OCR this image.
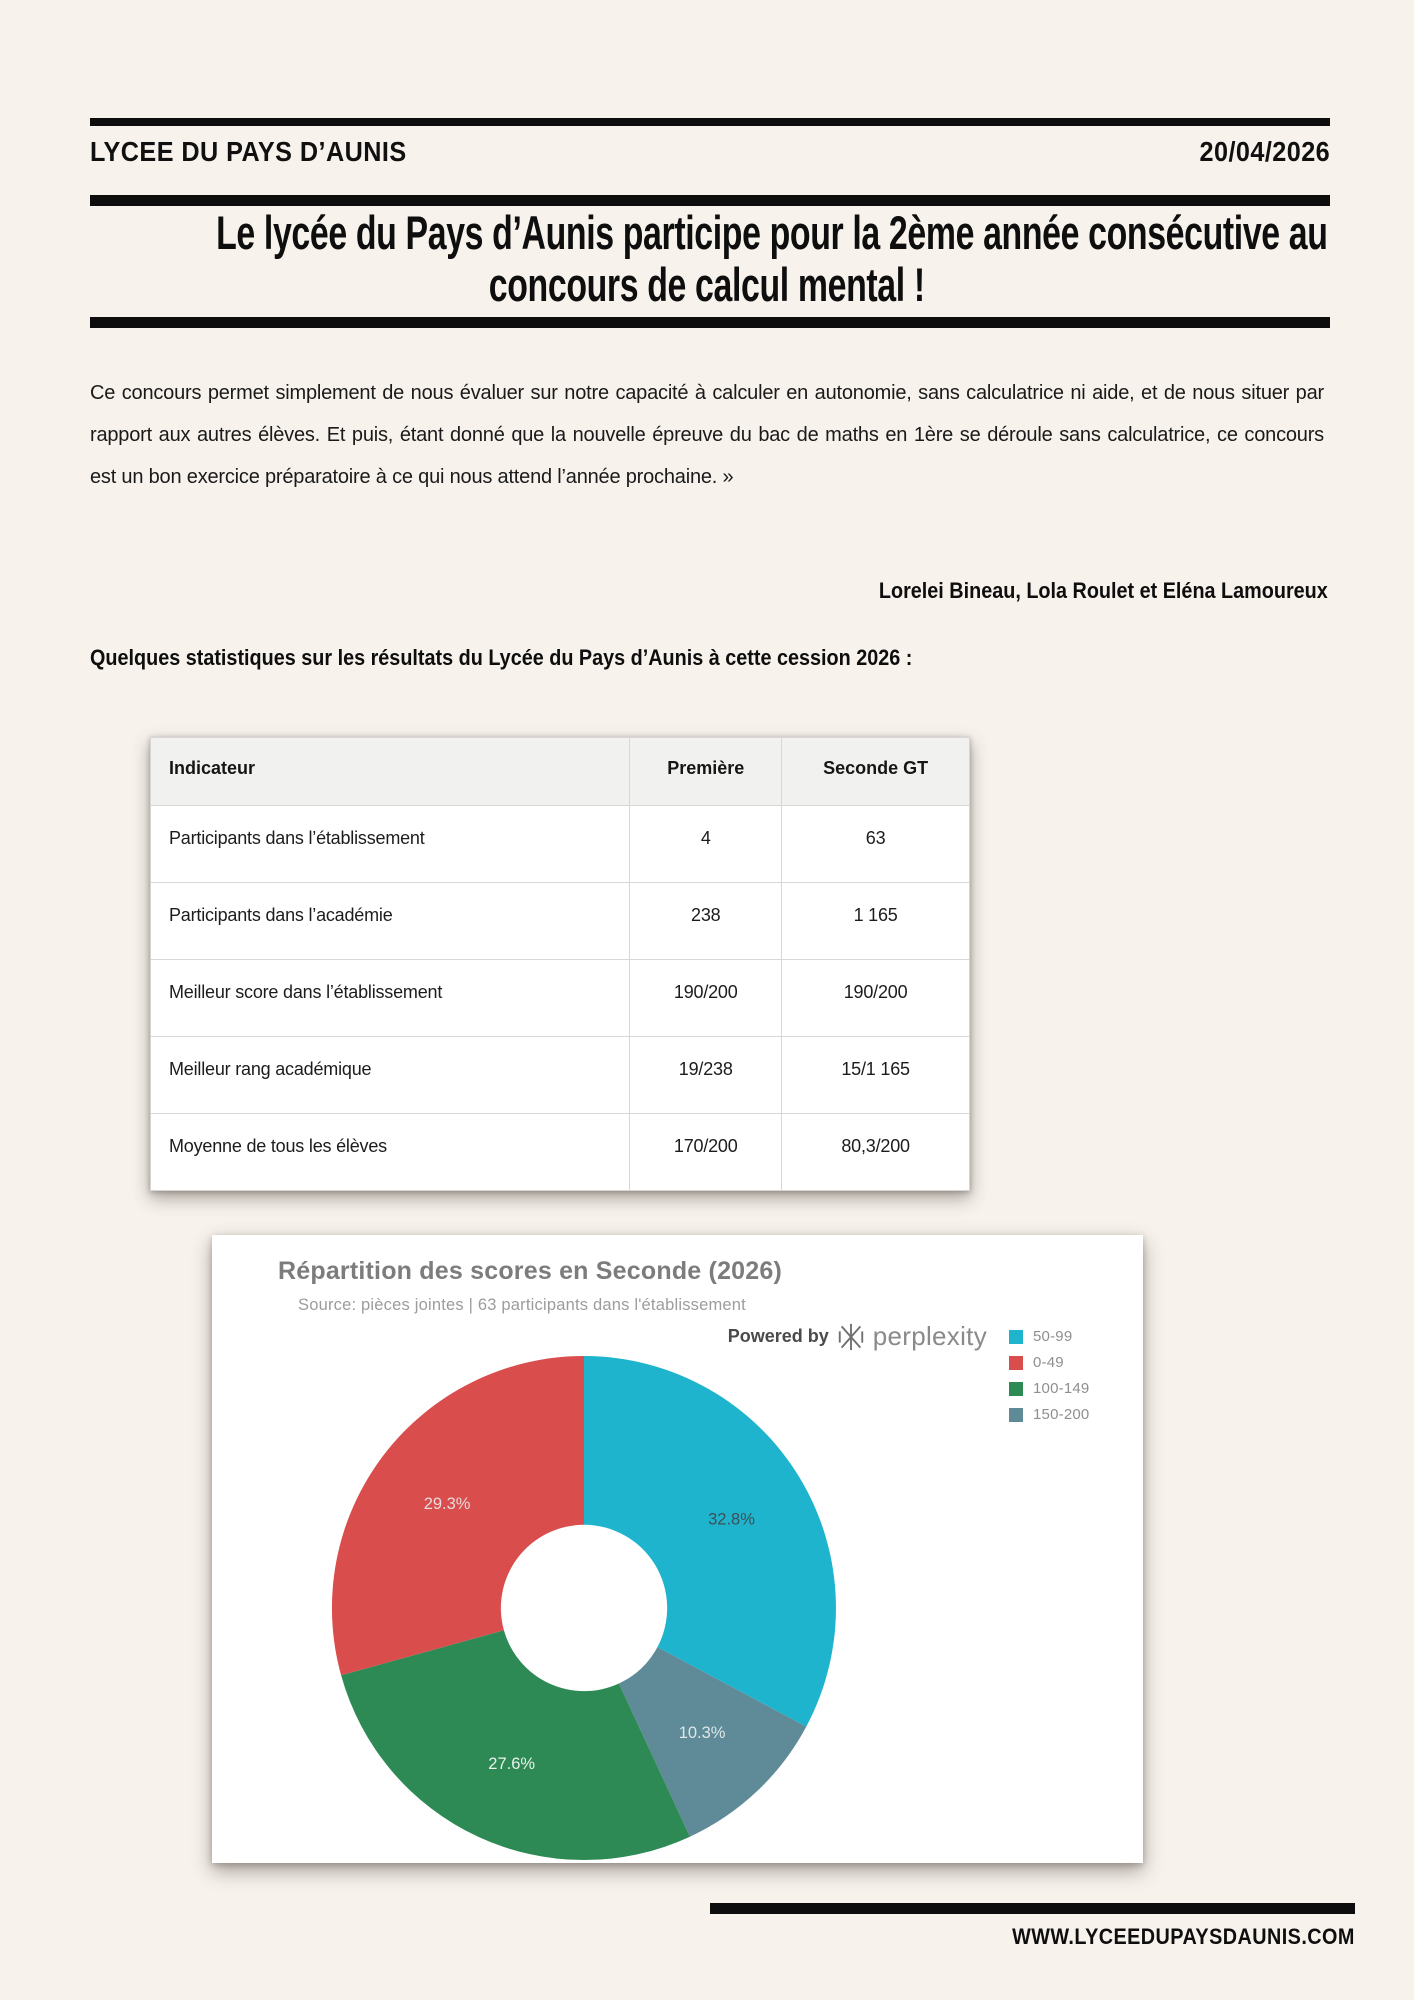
LYCEE DU PAYS D’AUNIS	20/04/2026
Le lycée du Pays d’Aunis participe pour la 2ème année consécutive au
concours de calcul mental !

Ce concours permet simplement de nous évaluer sur notre capacité à calculer en autonomie, sans calculatrice ni aide, et de nous situer par rapport aux autres élèves. Et puis, étant donné que la nouvelle épreuve du bac de maths en 1ère se déroule sans calculatrice, ce concours est un bon exercice préparatoire à ce qui nous attend l’année prochaine. »

Lorelei Bineau, Lola Roulet et Eléna Lamoureux

Quelques statistiques sur les résultats du Lycée du Pays d’Aunis à cette cession 2026 :

Indicateur	Première	Seconde GT
Participants dans l’établissement	4	63
Participants dans l’académie	238	1 165
Meilleur score dans l’établissement	190/200	190/200
Meilleur rang académique	19/238	15/1 165
Moyenne de tous les élèves	170/200	80,3/200
Répartition des scores en Seconde (2026)
Source: pièces jointes | 63 participants dans l'établissement
Powered by perplexity	50-99
0-49
100-149
150-200
32.8%
10.3%
27.6%
29.3%

WWW.LYCEEDUPAYSDAUNIS.COM
